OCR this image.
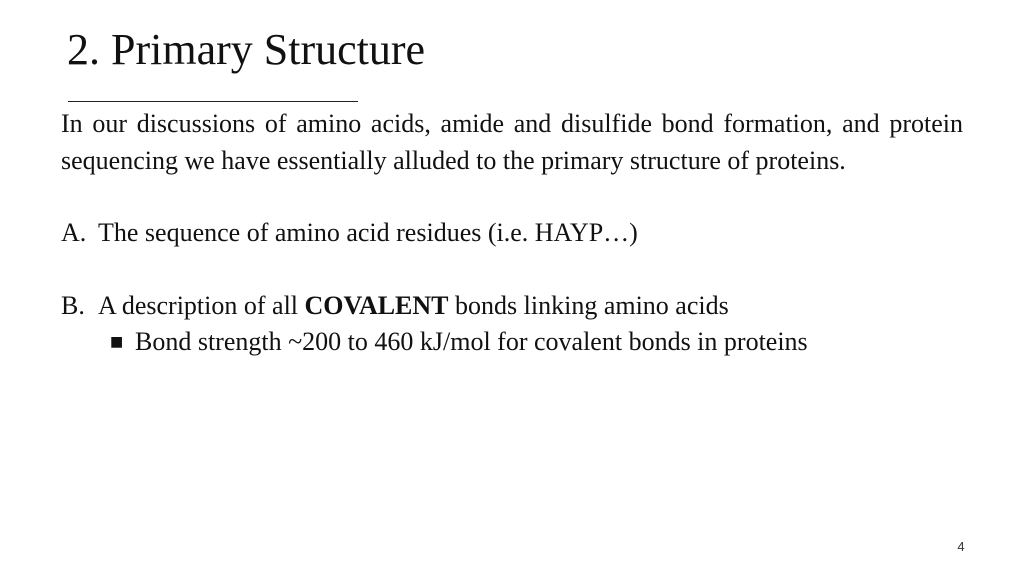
2. Primary Structure

In our discussions of amino acids, amide and disulfide bond formation, and protein sequencing we have essentially alluded to the primary structure of proteins.

A. The sequence of amino acid residues (i.e. HAYP…)
B. A description of all COVALENT bonds linking amino acids
■ Bond strength ~200 to 460 kJ/mol for covalent bonds in proteins
4
